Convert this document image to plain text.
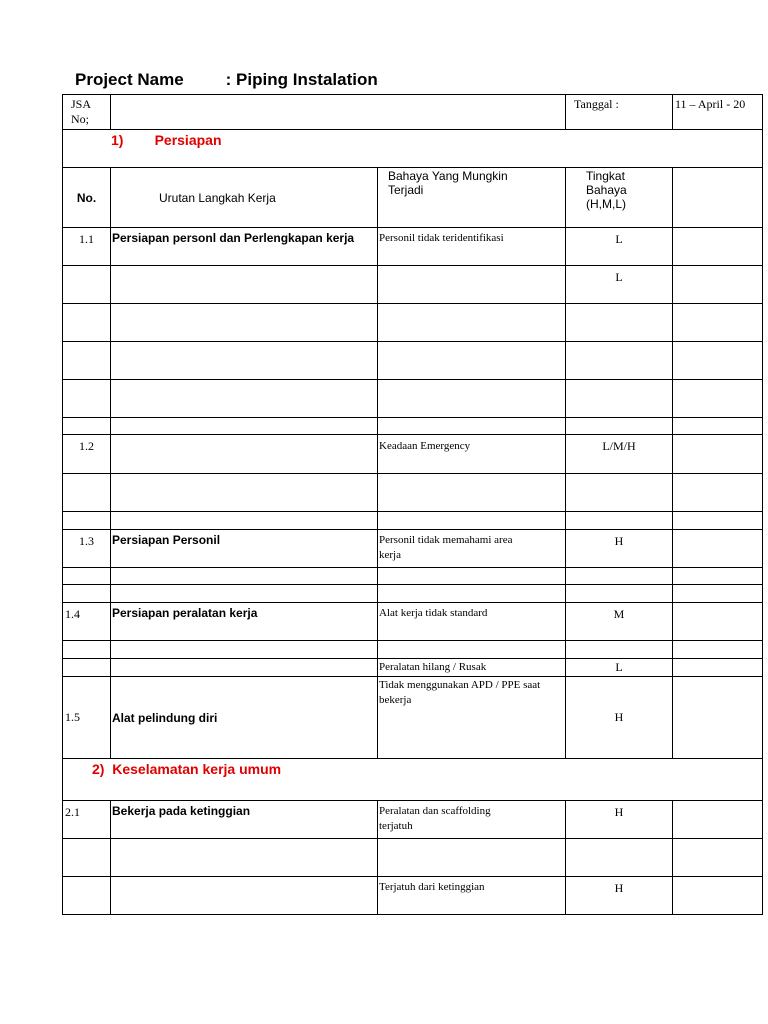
Project Name : Piping Instalation
JSA No;			Tanggal :	11 – April - 20
1)        Persiapan				
No.	Urutan Langkah Kerja	Bahaya Yang Mungkin Terjadi	Tingkat Bahaya (H,M,L)	
1.1	Persiapan personl dan Perlengkapan kerja	Personil tidak teridentifikasi	L	
			L	

1.2		Keadaan Emergency	L/M/H	

1.3	Persiapan Personil	Personil tidak memahami area kerja	H	

1.4	Persiapan peralatan kerja	Alat kerja tidak standard	M	

		Peralatan hilang / Rusak	L	
1.5	Alat pelindung diri	Tidak menggunakan APD / PPE saat bekerja	H	
2)  Keselamatan kerja umum				
2.1	Bekerja pada ketinggian	Peralatan dan scaffolding terjatuh	H	

		Terjatuh dari ketinggian	H	
